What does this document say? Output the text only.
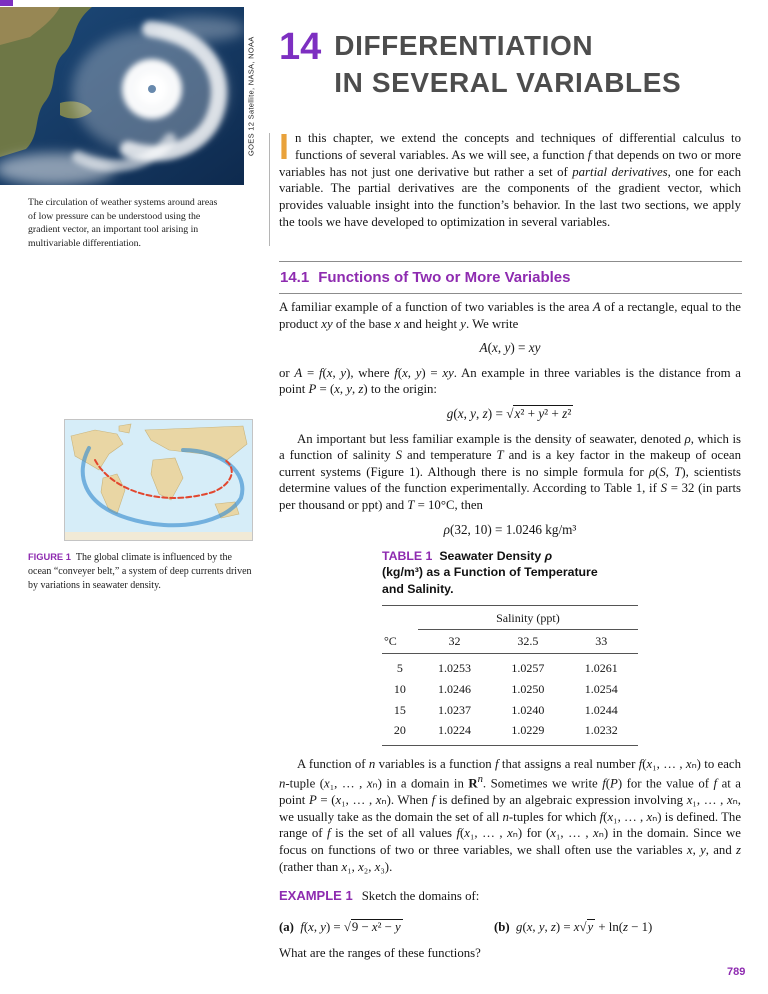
GOES 12 Satellite, NASA, NOAA
The circulation of weather systems around areas of low pressure can be understood using the gradient vector, an important tool arising in multivariable differentiation.
14 DIFFERENTIATION
IN SEVERAL VARIABLES
In this chapter, we extend the concepts and techniques of differential calculus to functions of several variables. As we will see, a function f that depends on two or more variables has not just one derivative but rather a set of partial derivatives, one for each variable. The partial derivatives are the components of the gradient vector, which provides valuable insight into the function’s behavior. In the last two sections, we apply the tools we have developed to optimization in several variables.
14.1 Functions of Two or More Variables

A familiar example of a function of two variables is the area A of a rectangle, equal to the product xy of the base x and height y. We write

A(x, y) = xy

or A = f(x, y), where f(x, y) = xy. An example in three variables is the distance from a point P = (x, y, z) to the origin:

g(x, y, z) = √x² + y² + z²

An important but less familiar example is the density of seawater, denoted ρ, which is a function of salinity S and temperature T and is a key factor in the makeup of ocean current systems (Figure 1). Although there is no simple formula for ρ(S, T), scientists determine values of the function experimentally. According to Table 1, if S = 32 (in parts per thousand or ppt) and T = 10°C, then

ρ(32, 10) = 1.0246 kg/m³

TABLE 1 Seawater Density ρ
(kg/m³) as a Function of Temperature
and Salinity.
	Salinity (ppt)		
°C	32	32.5	33
5	1.0253	1.0257	1.0261
10	1.0246	1.0250	1.0254
15	1.0237	1.0240	1.0244
20	1.0224	1.0229	1.0232

A function of n variables is a function f that assigns a real number f(x₁, … , xₙ) to each n-tuple (x₁, … , xₙ) in a domain in $R^n$. Sometimes we write f(P) for the value of f at a point P = (x₁, … , xₙ). When f is defined by an algebraic expression involving x₁, … , xₙ, we usually take as the domain the set of all n-tuples for which f(x₁, … , xₙ) is defined. The range of f is the set of all values f(x₁, … , xₙ) for (x₁, … , xₙ) in the domain. Since we focus on functions of two or three variables, we shall often use the variables x, y, and z (rather than x₁, x₂, x₃).

EXAMPLE 1 Sketch the domains of:
(a) f(x, y) = √9 − x² − y	(b) g(x, y, z) = x√y + ln(z − 1)

What are the ranges of these functions?

FIGURE 1 The global climate is influenced by the ocean “conveyer belt,” a system of deep currents driven by variations in seawater density.
789
